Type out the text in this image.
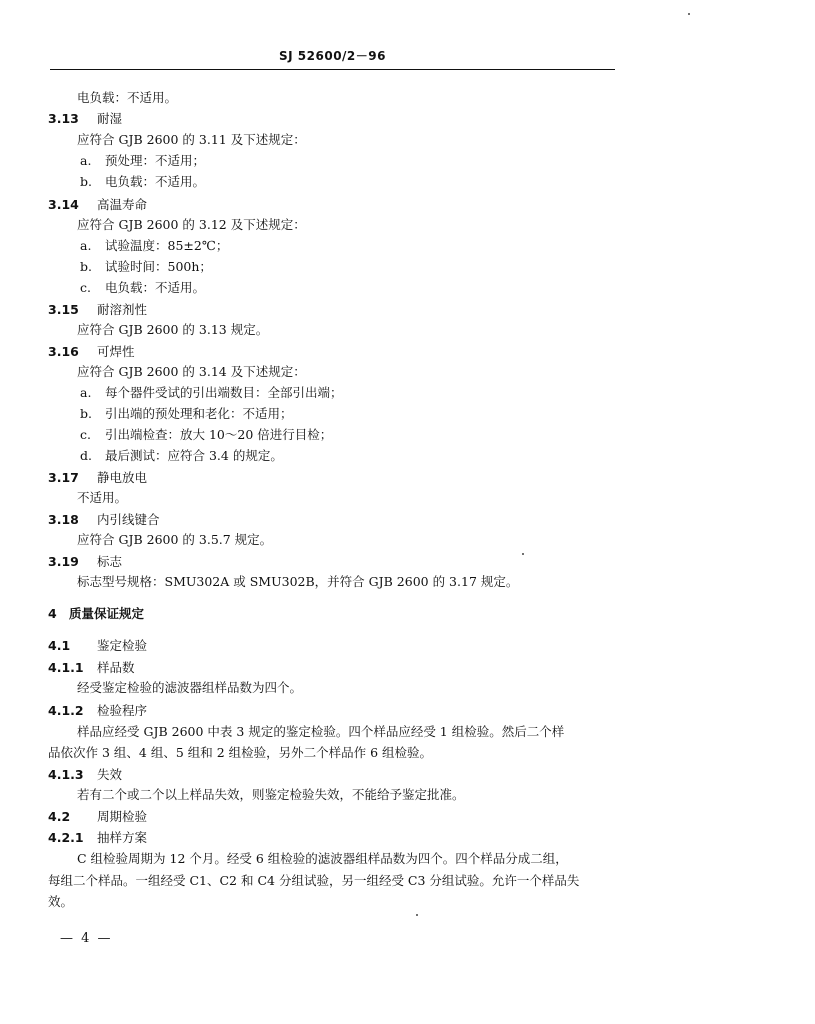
SJ 52600/2－96
电负载：不适用。
3.13 耐湿
应符合 GJB 2600 的 3.11 及下述规定：
a. 预处理：不适用；
b. 电负载：不适用。
3.14 高温寿命
应符合 GJB 2600 的 3.12 及下述规定：
a. 试验温度：85±2℃；
b. 试验时间：500h；
c. 电负载：不适用。
3.15 耐溶剂性
应符合 GJB 2600 的 3.13 规定。
3.16 可焊性
应符合 GJB 2600 的 3.14 及下述规定：
a. 每个器件受试的引出端数目：全部引出端；
b. 引出端的预处理和老化：不适用；
c. 引出端检查：放大 10～20 倍进行目检；
d. 最后测试：应符合 3.4 的规定。
3.17 静电放电
不适用。
3.18 内引线键合
应符合 GJB 2600 的 3.5.7 规定。
3.19 标志
标志型号规格：SMU302A 或 SMU302B，并符合 GJB 2600 的 3.17 规定。
4 质量保证规定
4.1 鉴定检验
4.1.1 样品数
经受鉴定检验的滤波器组样品数为四个。
4.1.2 检验程序
样品应经受 GJB 2600 中表 3 规定的鉴定检验。四个样品应经受 1 组检验。然后二个样
品依次作 3 组、4 组、5 组和 2 组检验，另外二个样品作 6 组检验。
4.1.3 失效
若有二个或二个以上样品失效，则鉴定检验失效，不能给予鉴定批准。
4.2 周期检验
4.2.1 抽样方案
C 组检验周期为 12 个月。经受 6 组检验的滤波器组样品数为四个。四个样品分成二组，
每组二个样品。一组经受 C1、C2 和 C4 分组试验，另一组经受 C3 分组试验。允许一个样品失
效。
— 4 —
